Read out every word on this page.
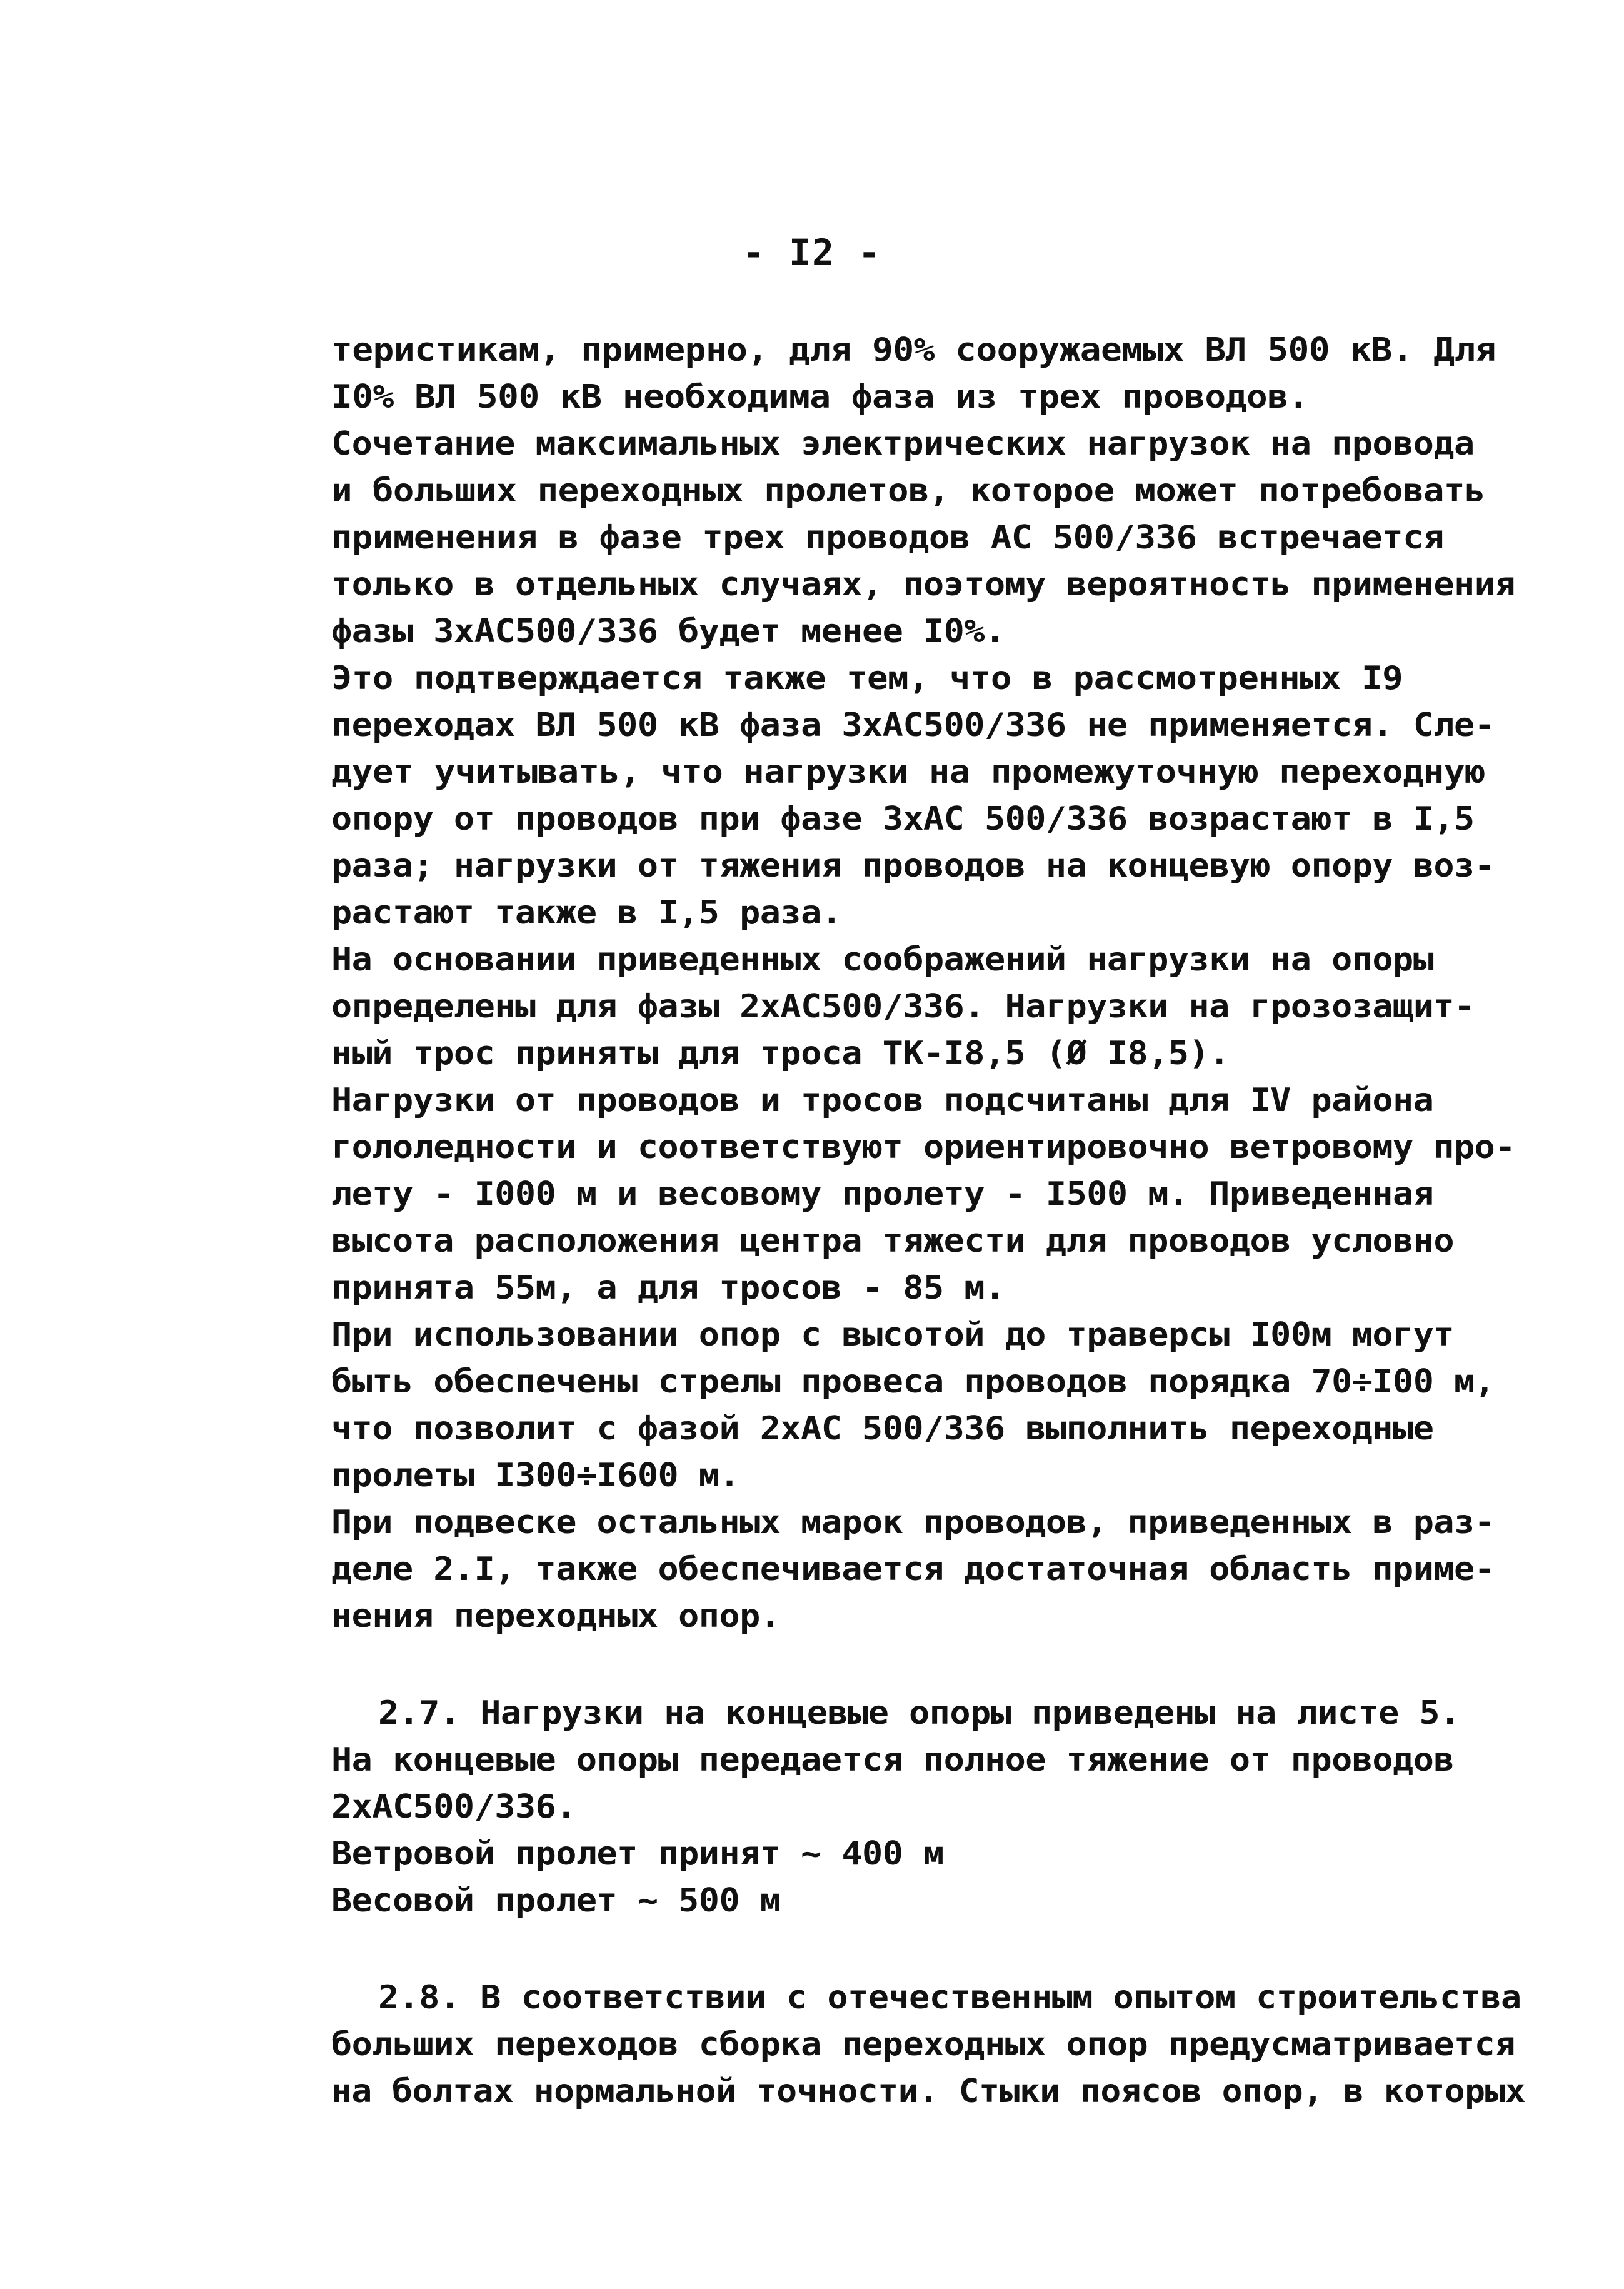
- I2 -
теристикам, примерно, для 90% сооружаемых ВЛ 500 кВ. Для
I0% ВЛ 500 кВ необходима фаза из трех проводов.
Сочетание максимальных электрических нагрузок на провода
и больших переходных пролетов, которое может потребовать
применения в фазе трех проводов АС 500/336 встречается
только в отдельных случаях, поэтому вероятность применения
фазы 3хАС500/336 будет менее I0%.
Это подтверждается также тем, что в рассмотренных I9
переходах ВЛ 500 кВ фаза 3хАС500/336 не применяется. Сле-
дует учитывать, что нагрузки на промежуточную переходную
опору от проводов при фазе 3хАС 500/336 возрастают в I,5
раза; нагрузки от тяжения проводов на концевую опору воз-
растают также в I,5 раза.
На основании приведенных соображений нагрузки на опоры
определены для фазы 2хАС500/336. Нагрузки на грозозащит-
ный трос приняты для троса ТК-I8,5 (Ø I8,5).
Нагрузки от проводов и тросов подсчитаны для IV района
гололедности и соответствуют ориентировочно ветровому про-
лету - I000 м и весовому пролету - I500 м. Приведенная
высота расположения центра тяжести для проводов условно
принята 55м, а для тросов - 85 м.
При использовании опор с высотой до траверсы I00м могут
быть обеспечены стрелы провеса проводов порядка 70÷I00 м,
что позволит с фазой 2хАС 500/336 выполнить переходные
пролеты I300÷I600 м.
При подвеске остальных марок проводов, приведенных в раз-
деле 2.I, также обеспечивается достаточная область приме-
нения переходных опор.
2.7. Нагрузки на концевые опоры приведены на листе 5.
На концевые опоры передается полное тяжение от проводов
2хАС500/336.
Ветровой пролет принят ~ 400 м
Весовой пролет ~ 500 м
2.8. В соответствии с отечественным опытом строительства
больших переходов сборка переходных опор предусматривается
на болтах нормальной точности. Стыки поясов опор, в которых
